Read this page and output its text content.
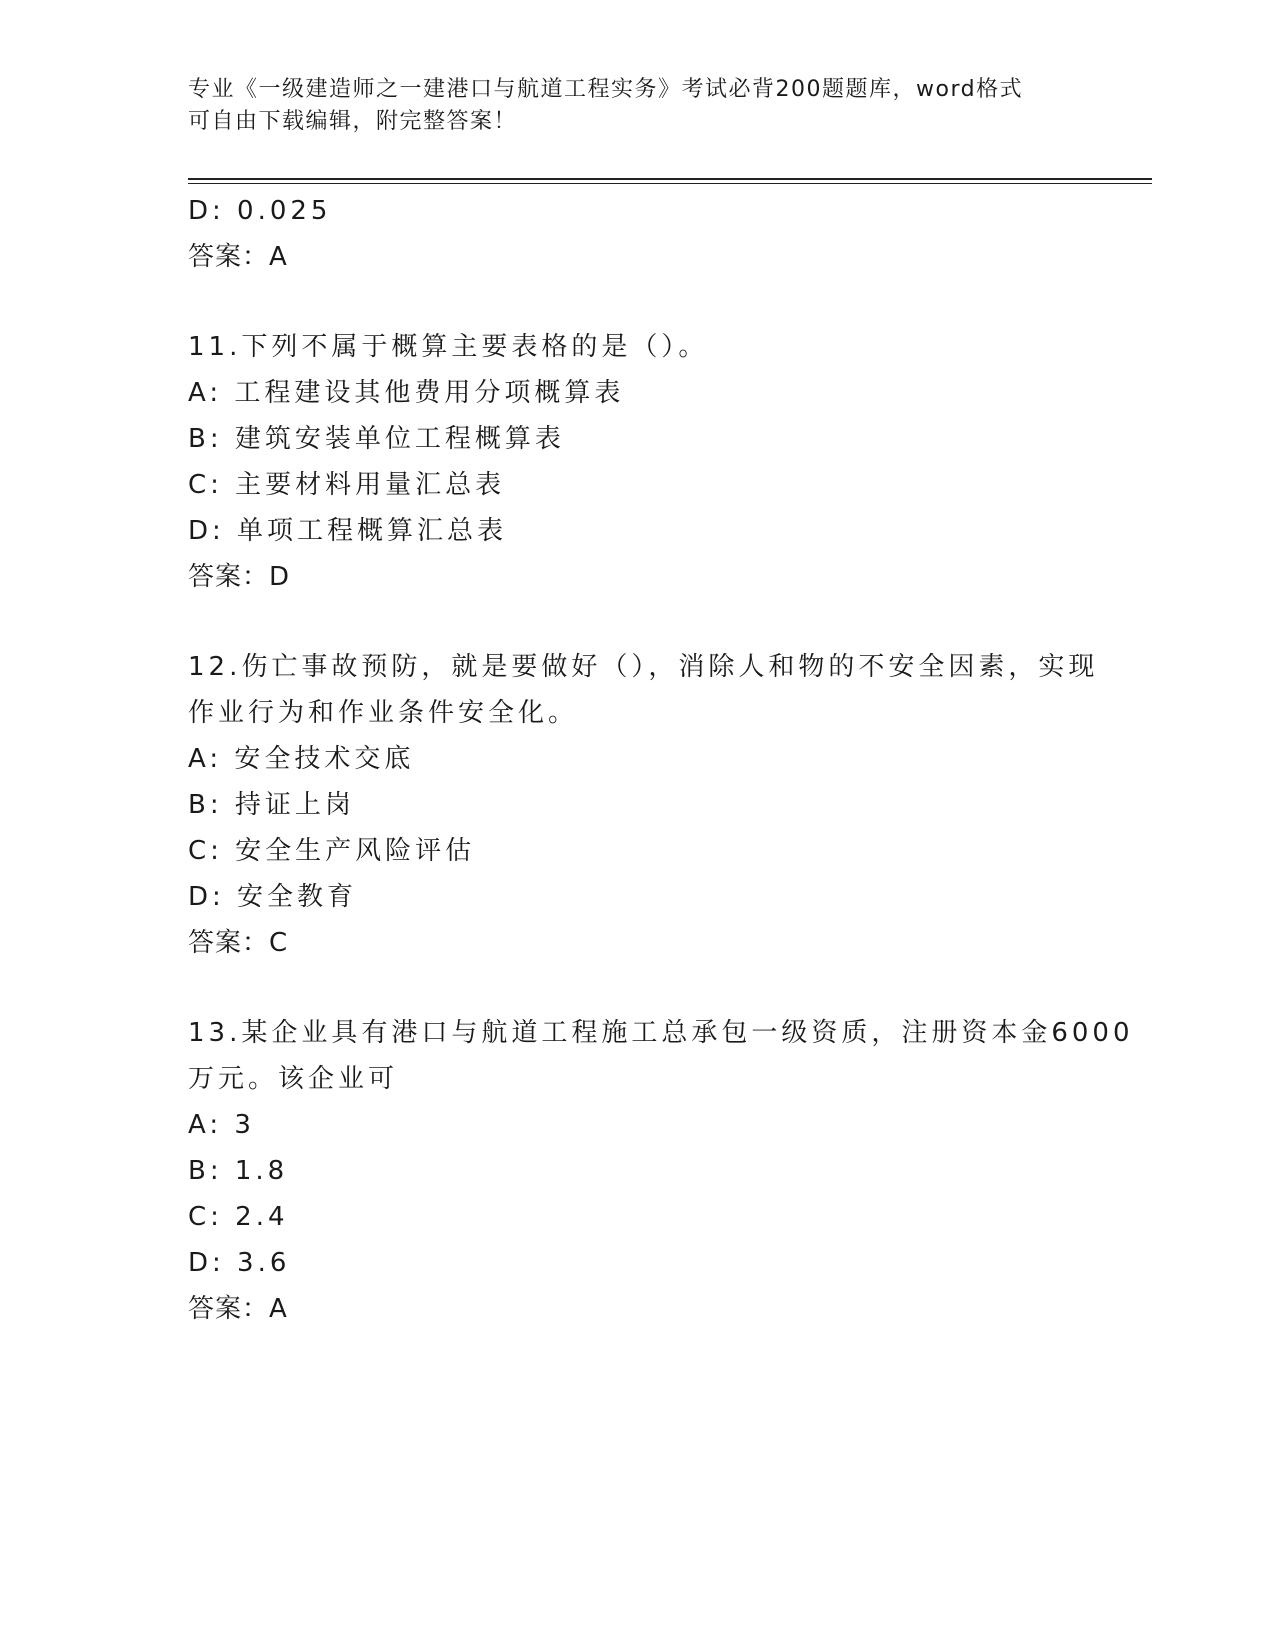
专业《一级建造师之一建港口与航道工程实务》考试必背200题题库，word格式
可自由下载编辑，附完整答案！
D: 0.025
答案：A
11.下列不属于概算主要表格的是（）。
A: 工程建设其他费用分项概算表
B: 建筑安装单位工程概算表
C: 主要材料用量汇总表
D: 单项工程概算汇总表
答案：D
12.伤亡事故预防，就是要做好（），消除人和物的不安全因素，实现
作业行为和作业条件安全化。
A: 安全技术交底
B: 持证上岗
C: 安全生产风险评估
D: 安全教育
答案：C
13.某企业具有港口与航道工程施工总承包一级资质，注册资本金6000
万元。该企业可
A: 3
B: 1.8
C: 2.4
D: 3.6
答案：A
